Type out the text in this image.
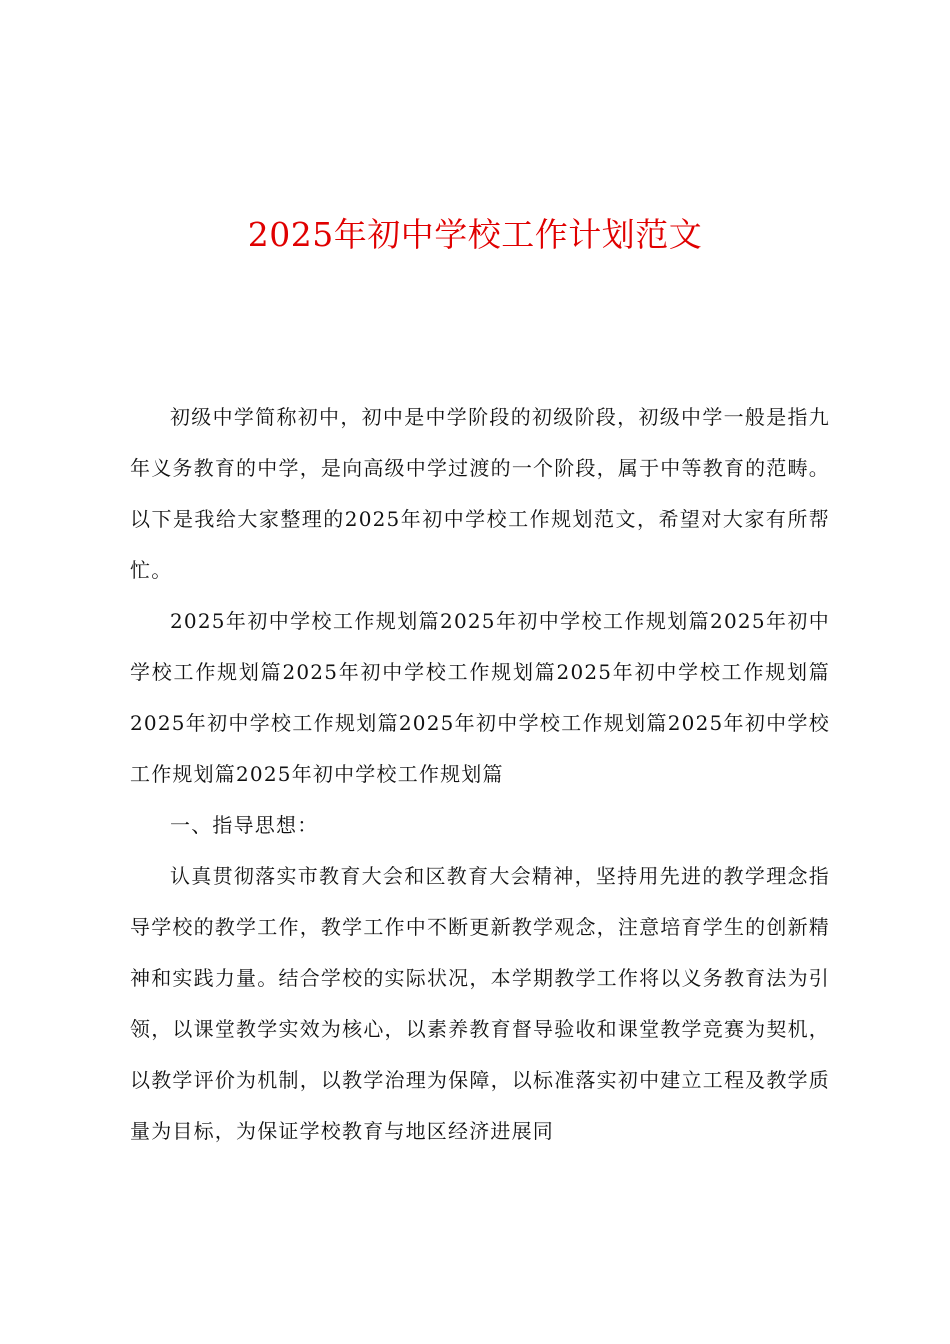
2025年初中学校工作计划范文

初级中学简称初中，初中是中学阶段的初级阶段，初级中学一般是指九年义务教育的中学，是向高级中学过渡的一个阶段，属于中等教育的范畴。以下是我给大家整理的2025年初中学校工作规划范文，希望对大家有所帮忙。

2025年初中学校工作规划篇2025年初中学校工作规划篇2025年初中学校工作规划篇2025年初中学校工作规划篇2025年初中学校工作规划篇2025年初中学校工作规划篇2025年初中学校工作规划篇2025年初中学校工作规划篇2025年初中学校工作规划篇

一、指导思想：

认真贯彻落实市教育大会和区教育大会精神，坚持用先进的教学理念指导学校的教学工作，教学工作中不断更新教学观念，注意培育学生的创新精神和实践力量。结合学校的实际状况，本学期教学工作将以义务教育法为引领，以课堂教学实效为核心，以素养教育督导验收和课堂教学竞赛为契机，以教学评价为机制，以教学治理为保障，以标准落实初中建立工程及教学质量为目标，为保证学校教育与地区经济进展同
